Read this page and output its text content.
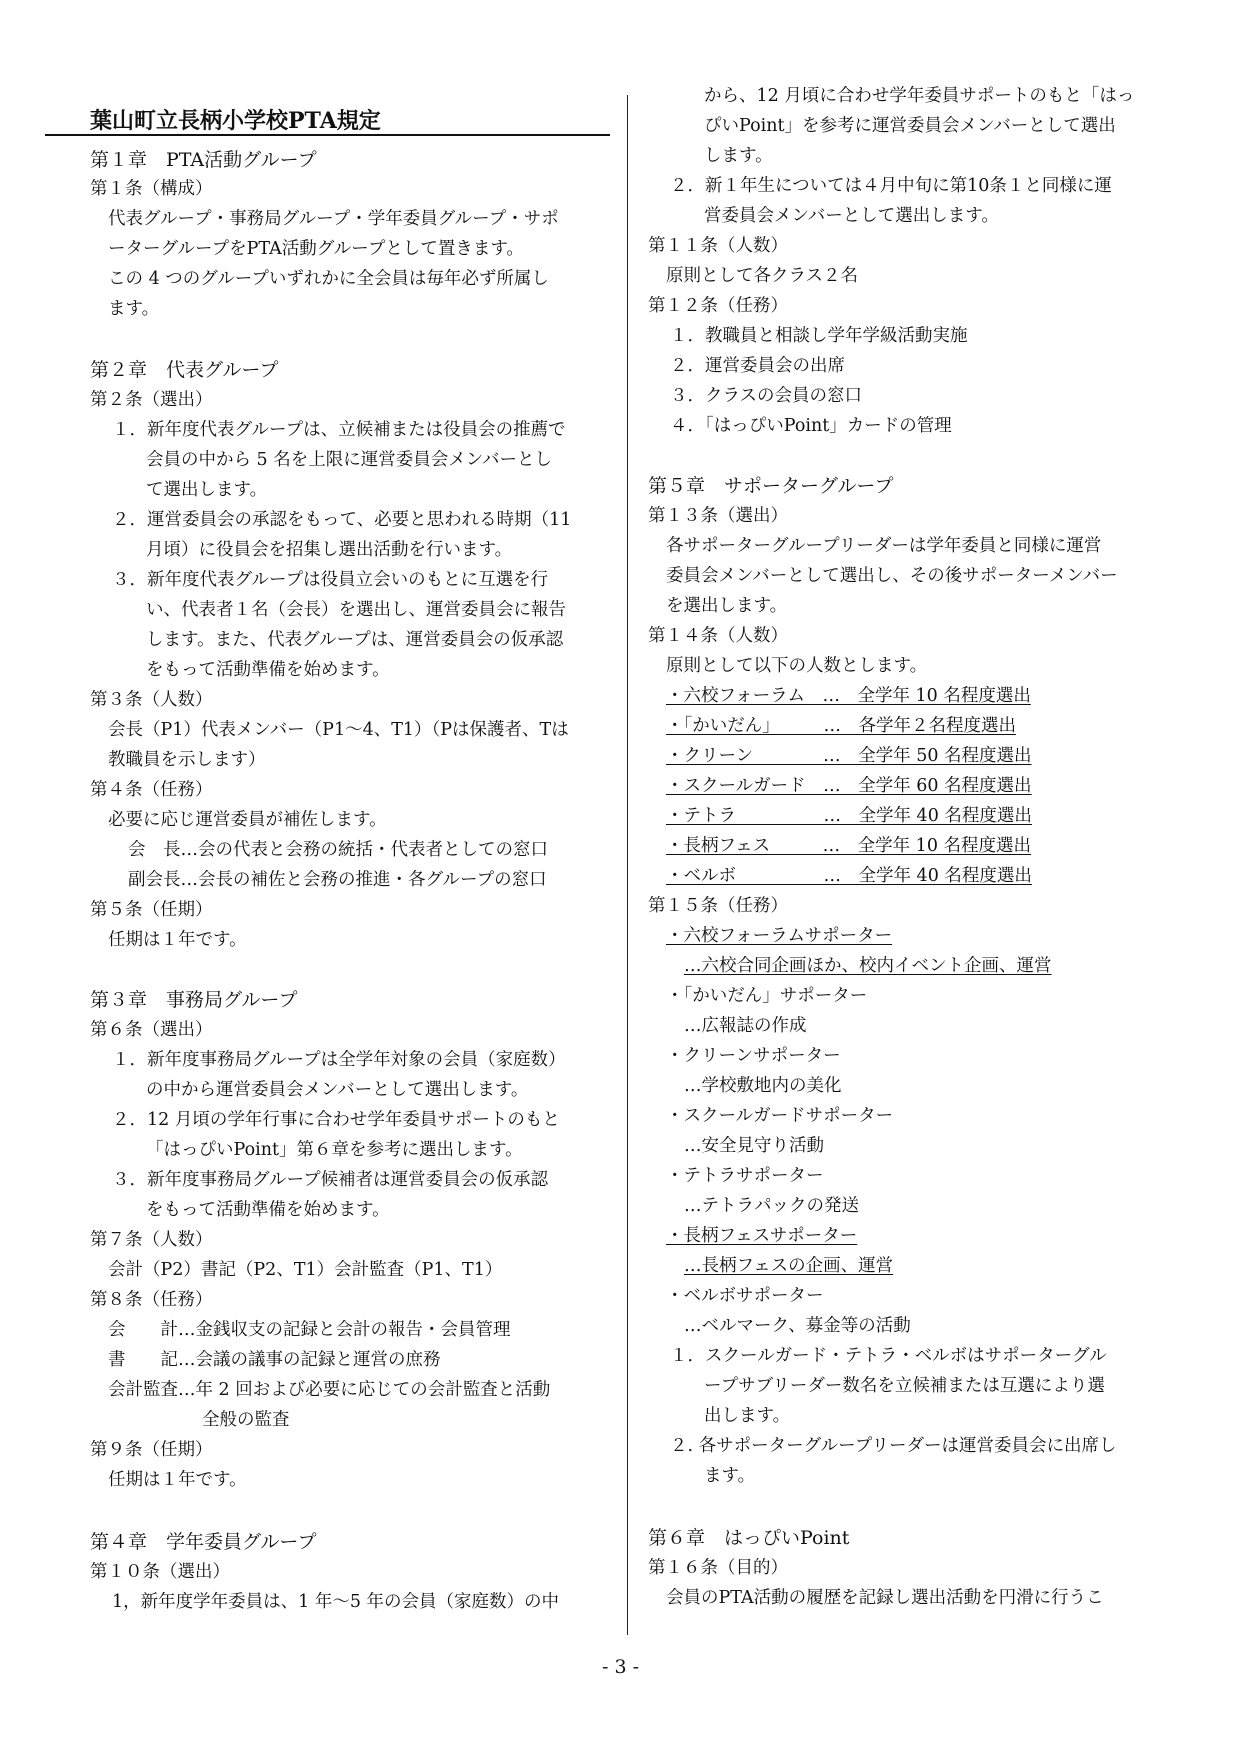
葉山町立長柄小学校PTA規定
第１章　PTA活動グループ
第１条（構成）
代表グループ・事務局グループ・学年委員グループ・サポ
ーターグループをPTA活動グループとして置きます。
この 4 つのグループいずれかに全会員は毎年必ず所属し
ます。
第２章　代表グループ
第２条（選出）
１．新年度代表グループは、立候補または役員会の推薦で
会員の中から 5 名を上限に運営委員会メンバーとし
て選出します。
２．運営委員会の承認をもって、必要と思われる時期（11
月頃）に役員会を招集し選出活動を行います。
３．新年度代表グループは役員立会いのもとに互選を行
い、代表者１名（会長）を選出し、運営委員会に報告
します。また、代表グループは、運営委員会の仮承認
をもって活動準備を始めます。
第３条（人数）
会長（P1）代表メンバー（P1～4、T1）（Pは保護者、Tは
教職員を示します）
第４条（任務）
必要に応じ運営委員が補佐します。
会　長…会の代表と会務の統括・代表者としての窓口
副会長…会長の補佐と会務の推進・各グループの窓口
第５条（任期）
任期は１年です。
第３章　事務局グループ
第６条（選出）
１．新年度事務局グループは全学年対象の会員（家庭数）
の中から運営委員会メンバーとして選出します。
２．12 月頃の学年行事に合わせ学年委員サポートのもと
「はっぴいPoint」第６章を参考に選出します。
３．新年度事務局グループ候補者は運営委員会の仮承認
をもって活動準備を始めます。
第７条（人数）
会計（P2）書記（P2、T1）会計監査（P1、T1）
第８条（任務）
会　　計…金銭収支の記録と会計の報告・会員管理
書　　記…会議の議事の記録と運営の庶務
会計監査…年 2 回および必要に応じての会計監査と活動
全般の監査
第９条（任期）
任期は１年です。
第４章　学年委員グループ
第１０条（選出）
1，新年度学年委員は、1 年～5 年の会員（家庭数）の中
から、12 月頃に合わせ学年委員サポートのもと「はっ
ぴいPoint」を参考に運営委員会メンバーとして選出
します。
２．新１年生については４月中旬に第10条１と同様に運
営委員会メンバーとして選出します。
第１１条（人数）
原則として各クラス２名
第１２条（任務）
１．教職員と相談し学年学級活動実施
２．運営委員会の出席
３．クラスの会員の窓口
４．「はっぴいPoint」カードの管理
第５章　サポーターグループ
第１３条（選出）
各サポーターグループリーダーは学年委員と同様に運営
委員会メンバーとして選出し、その後サポーターメンバー
を選出します。
第１４条（人数）
原則として以下の人数とします。
・六校フォーラム　…　全学年 10 名程度選出
・「かいだん」　　　…　各学年２名程度選出
・クリーン　　　　…　全学年 50 名程度選出
・スクールガード　…　全学年 60 名程度選出
・テトラ　　　　　…　全学年 40 名程度選出
・長柄フェス　　　…　全学年 10 名程度選出
・ベルボ　　　　　…　全学年 40 名程度選出
第１５条（任務）
・六校フォーラムサポーター
…六校合同企画ほか、校内イベント企画、運営
・「かいだん」サポーター
…広報誌の作成
・クリーンサポーター
…学校敷地内の美化
・スクールガードサポーター
…安全見守り活動
・テトラサポーター
…テトラパックの発送
・長柄フェスサポーター
…長柄フェスの企画、運営
・ベルボサポーター
…ベルマーク、募金等の活動
１．スクールガード・テトラ・ベルボはサポーターグル
ープサブリーダー数名を立候補または互選により選
出します。
２. 各サポーターグループリーダーは運営委員会に出席し
ます。
第６章　はっぴいPoint
第１６条（目的）
会員のPTA活動の履歴を記録し選出活動を円滑に行うこ
- 3 -
